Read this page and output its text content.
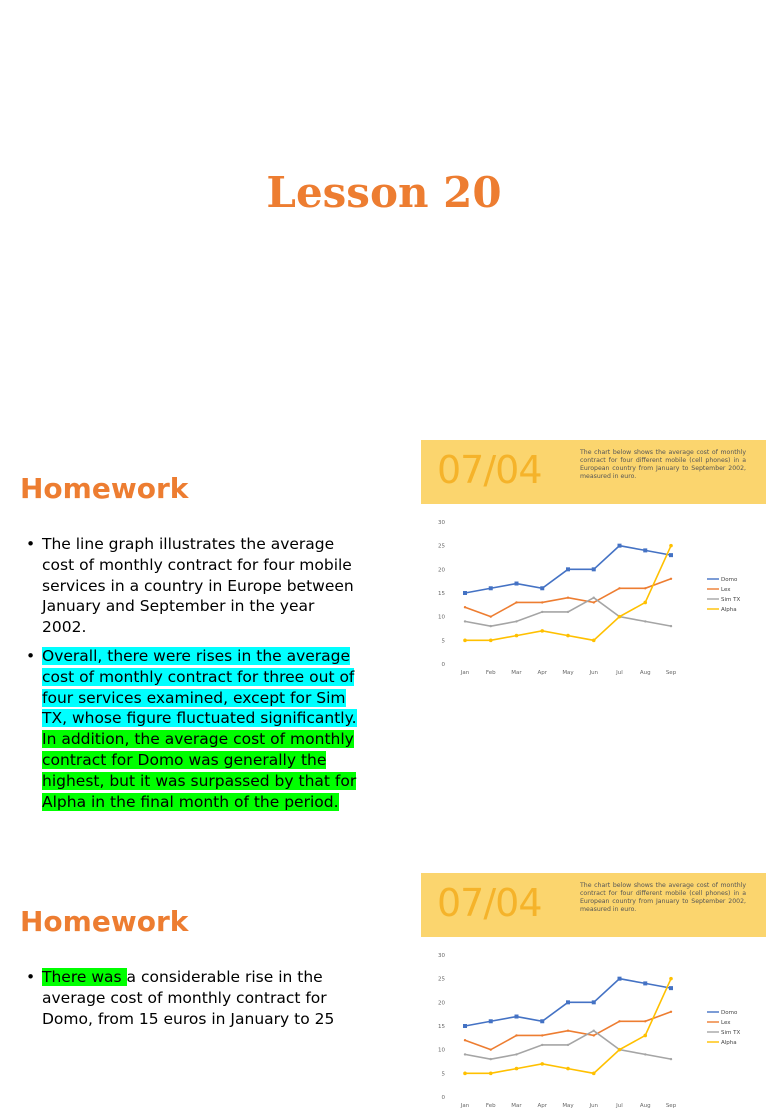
Lesson 20
Homework
• The line graph illustrates the average cost of monthly contract for four mobile services in a country in Europe between January and September in the year 2002.
• Overall, there were rises in the average cost of monthly contract for three out of four services examined, except for Sim TX, whose figure fluctuated significantly. In addition, the average cost of monthly contract for Domo was generally the highest, but it was surpassed by that for Alpha in the final month of the period.
07/04	The chart below shows the average cost of monthly contract for four different mobile (cell phones) in a European country from January to September 2002, measured in euro.
0
5
10
15
20
25
30
Jan	Feb	Mar	Apr	May	Jun	Jul	Aug	Sep
Domo
Lex
Sim TX
Alpha
Homework
• There was a considerable rise in the average cost of monthly contract for Domo, from 15 euros in January to 25
07/04	The chart below shows the average cost of monthly contract for four different mobile (cell phones) in a European country from January to September 2002, measured in euro.
0
5
10
15
20
25
30
Jan	Feb	Mar	Apr	May	Jun	Jul	Aug	Sep
Domo
Lex
Sim TX
Alpha
